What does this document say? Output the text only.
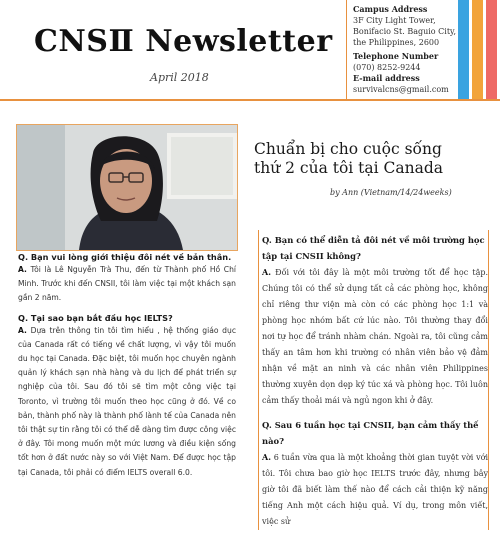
CNSⅡ Newsletter
April 2018
Campus Address
3F City Light Tower,
Bonifacio St. Baguio City,
the Philippines, 2600
Telephone Number
(070) 8252-9244
E-mail address
survivalcns@gmail.com

Q. Bạn vui lòng giới thiệu đôi nét về bản thân.

A. Tôi là Lê Nguyễn Trà Thu, đến từ Thành phố Hồ Chí Minh. Trước khi đến CNSII, tôi làm việc tại một khách sạn gần 2 năm.

Q. Tại sao bạn bắt đầu học IELTS?

A. Dựa trên thông tin tôi tìm hiểu , hệ thống giáo dục của Canada rất có tiếng về chất lượng, vì vậy tôi muốn du học tại Canada. Đặc biệt, tôi muốn học chuyên ngành quản lý khách sạn nhà hàng và du lịch để phát triển sự nghiệp của tôi. Sau đó tôi sẽ tìm một công việc tại Toronto, vì trường tôi muốn theo học cũng ở đó. Về co bản, thành phố này là thành phố lành tế của Canada nên tôi thật sự tin rằng tôi có thể dễ dàng tìm được công việc ở đây. Tôi mong muốn một mức lương và điều kiện sống tốt hơn ở đất nước này so với Việt Nam. Để được học tập tại Canada, tôi phải có điểm IELTS overall 6.0.

Chuẩn bị cho cuộc sống
thứ 2 của tôi tại Canada
by Ann (Vietnam/14/24weeks)

Q. Bạn có thể diễn tả đôi nét về môi trường học tập tại CNSII không?

A. Đối với tôi đây là một môi trường tốt để học tập. Chúng tôi có thể sử dụng tất cả các phòng học, không chỉ riêng thư viện mà còn có các phòng học 1:1 và phòng học nhóm bất cứ lúc nào. Tôi thường thay đổi nơi tự học để tránh nhàm chán. Ngoài ra, tôi cũng cảm thấy an tâm hơn khi trường có nhân viên bảo vệ đảm nhận về mặt an ninh và các nhân viên Philippines thường xuyên dọn dẹp ký túc xá và phòng học. Tôi luôn cảm thấy thoải mái và ngủ ngon khi ở đây.

Q. Sau 6 tuần học tại CNSII, bạn cảm thấy thế nào?

A. 6 tuần vừa qua là một khoảng thời gian tuyệt vời với tôi. Tôi chưa bao giờ học IELTS trước đây, nhưng bây giờ tôi đã biết làm thế nào để cách cải thiện kỹ năng tiếng Anh một cách hiệu quả. Ví dụ, trong môn viết, việc sử
